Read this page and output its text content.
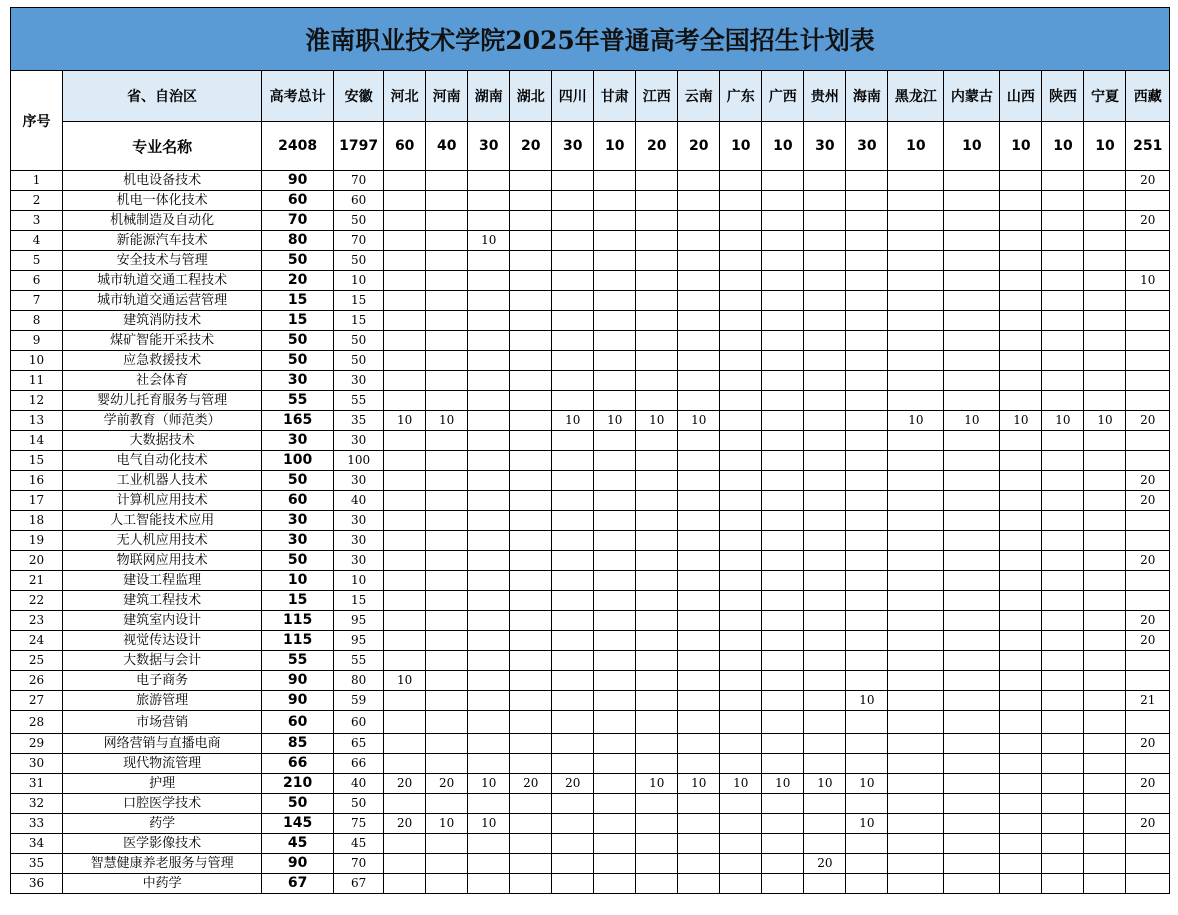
淮南职业技术学院2025年普通高考全国招生计划表																					
序号	省、自治区	高考总计	安徽	河北	河南	湖南	湖北	四川	甘肃	江西	云南	广东	广西	贵州	海南	黑龙江	内蒙古	山西	陕西	宁夏	西藏
	专业名称	2408	1797	60	40	30	20	30	10	20	20	10	10	30	30	10	10	10	10	10	251
1	机电设备技术	90	70																		20
2	机电一体化技术	60	60																		
3	机械制造及自动化	70	50																		20
4	新能源汽车技术	80	70			10															
5	安全技术与管理	50	50																		
6	城市轨道交通工程技术	20	10																		10
7	城市轨道交通运营管理	15	15																		
8	建筑消防技术	15	15																		
9	煤矿智能开采技术	50	50																		
10	应急救援技术	50	50																		
11	社会体育	30	30																		
12	婴幼儿托育服务与管理	55	55																		
13	学前教育（师范类）	165	35	10	10			10	10	10	10					10	10	10	10	10	20
14	大数据技术	30	30																		
15	电气自动化技术	100	100																		
16	工业机器人技术	50	30																		20
17	计算机应用技术	60	40																		20
18	人工智能技术应用	30	30																		
19	无人机应用技术	30	30																		
20	物联网应用技术	50	30																		20
21	建设工程监理	10	10																		
22	建筑工程技术	15	15																		
23	建筑室内设计	115	95																		20
24	视觉传达设计	115	95																		20
25	大数据与会计	55	55																		
26	电子商务	90	80	10																	
27	旅游管理	90	59												10						21
28	市场营销	60	60																		
29	网络营销与直播电商	85	65																		20
30	现代物流管理	66	66																		
31	护理	210	40	20	20	10	20	20		10	10	10	10	10	10						20
32	口腔医学技术	50	50																		
33	药学	145	75	20	10	10									10						20
34	医学影像技术	45	45																		
35	智慧健康养老服务与管理	90	70											20							
36	中药学	67	67																		
